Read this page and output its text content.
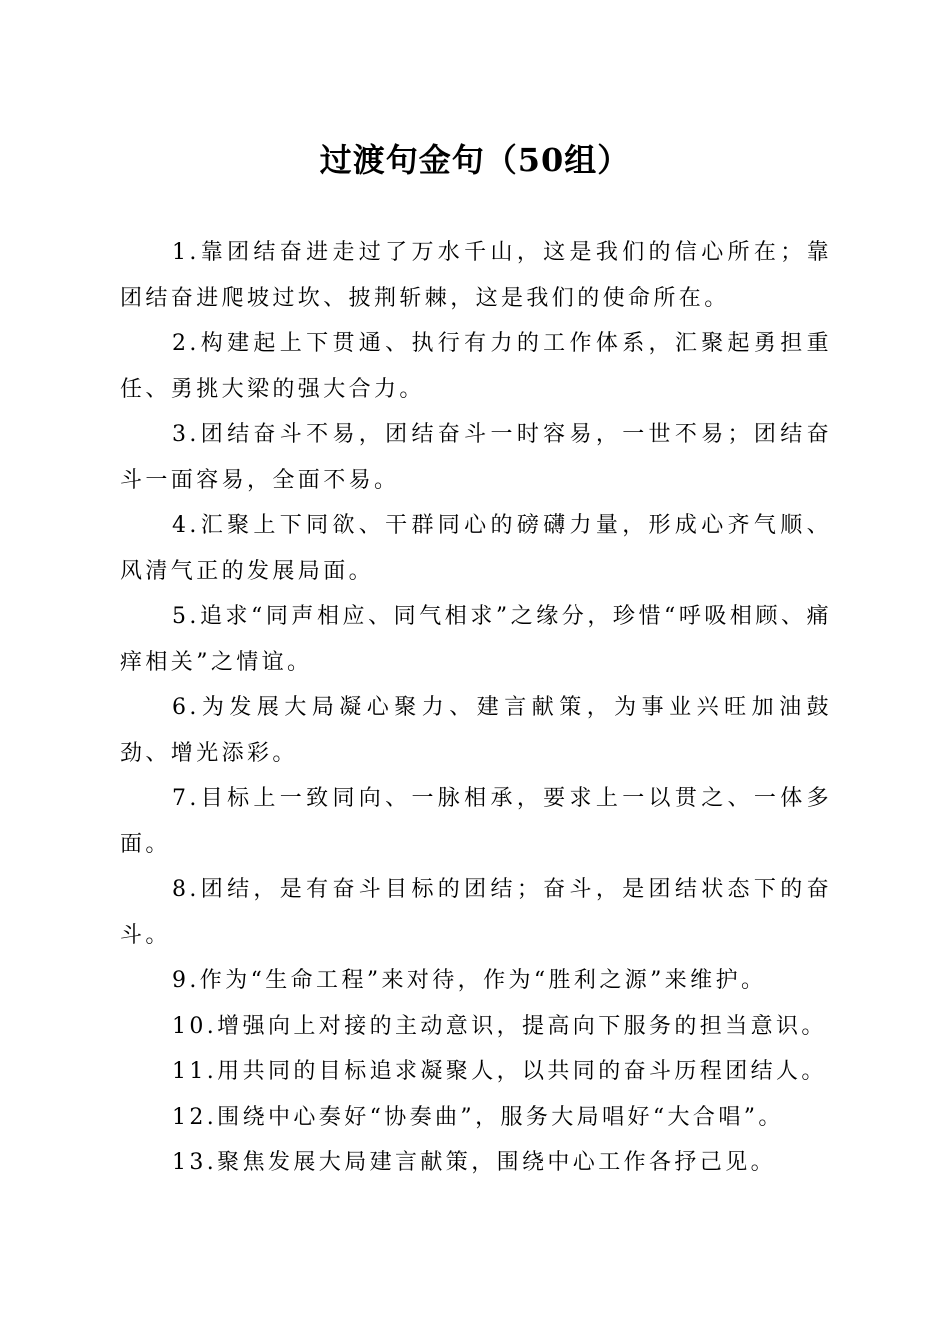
过渡句金句（50组）

1.靠团结奋进走过了万水千山，这是我们的信心所在；靠团结奋进爬坡过坎、披荆斩棘，这是我们的使命所在。

2.构建起上下贯通、执行有力的工作体系，汇聚起勇担重任、勇挑大梁的强大合力。

3.团结奋斗不易，团结奋斗一时容易，一世不易；团结奋斗一面容易，全面不易。

4.汇聚上下同欲、干群同心的磅礴力量，形成心齐气顺、风清气正的发展局面。

5.追求“同声相应、同气相求”之缘分，珍惜“呼吸相顾、痛痒相关”之情谊。

6.为发展大局凝心聚力、建言献策，为事业兴旺加油鼓劲、增光添彩。

7.目标上一致同向、一脉相承，要求上一以贯之、一体多面。

8.团结，是有奋斗目标的团结；奋斗，是团结状态下的奋斗。

9.作为“生命工程”来对待，作为“胜利之源”来维护。

10.增强向上对接的主动意识，提高向下服务的担当意识。

11.用共同的目标追求凝聚人，以共同的奋斗历程团结人。

12.围绕中心奏好“协奏曲”，服务大局唱好“大合唱”。

13.聚焦发展大局建言献策，围绕中心工作各抒己见。
